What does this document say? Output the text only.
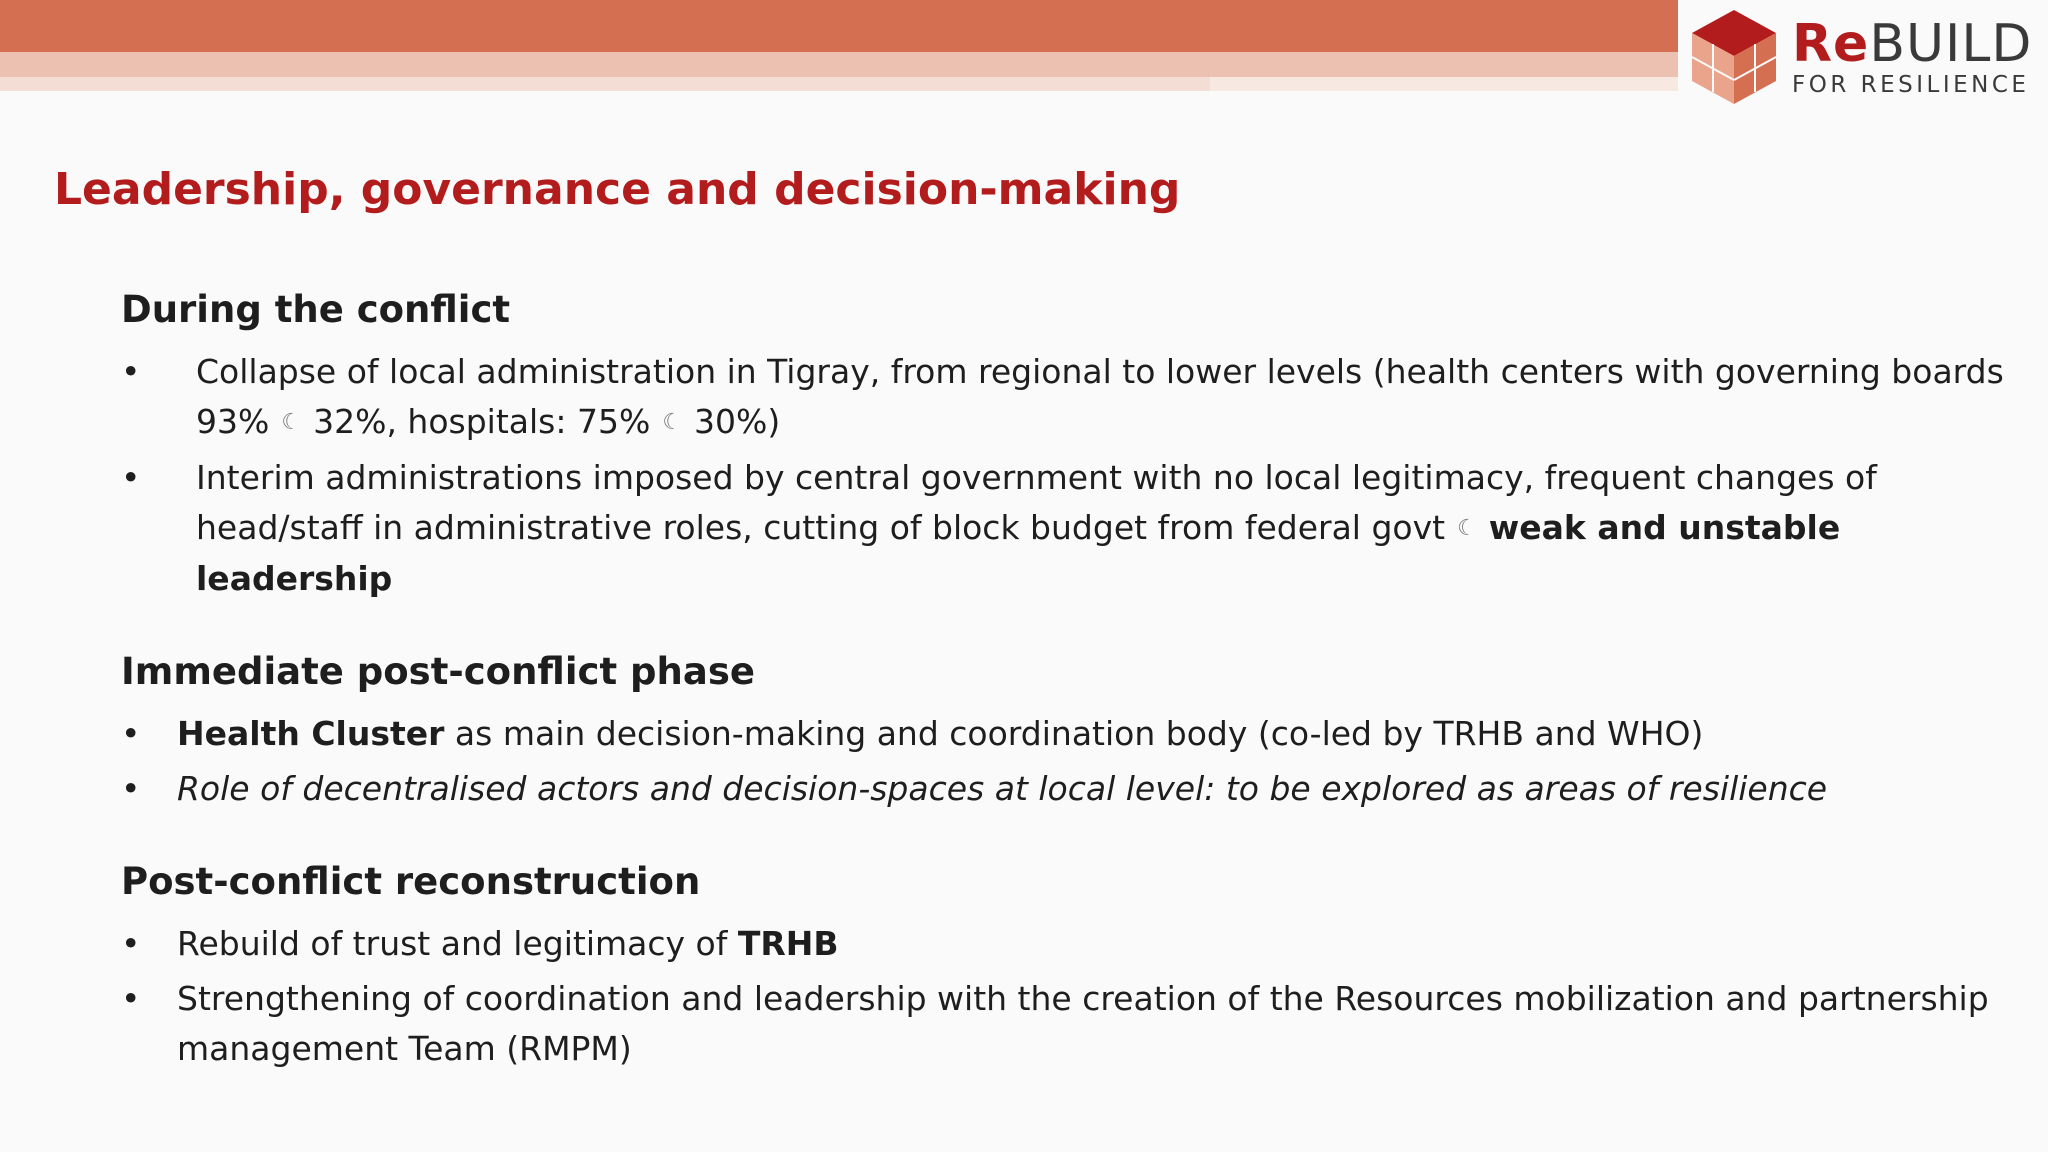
ReBUILD
FOR RESILIENCE
Leadership, governance and decision-making
During the conflict
•	Collapse of local administration in Tigray, from regional to lower levels (health centers with governing boards 93% ☾ 32%, hospitals: 75% ☾ 30%)
•	Interim administrations imposed by central government with no local legitimacy, frequent changes of head/staff in administrative roles, cutting of block budget from federal govt ☾ weak and unstable leadership
Immediate post-conflict phase
•	Health Cluster as main decision-making and coordination body (co-led by TRHB and WHO)
•	Role of decentralised actors and decision-spaces at local level: to be explored as areas of resilience
Post-conflict reconstruction
•	Rebuild of trust and legitimacy of TRHB
•	Strengthening of coordination and leadership with the creation of the Resources mobilization and partnership management Team (RMPM)
